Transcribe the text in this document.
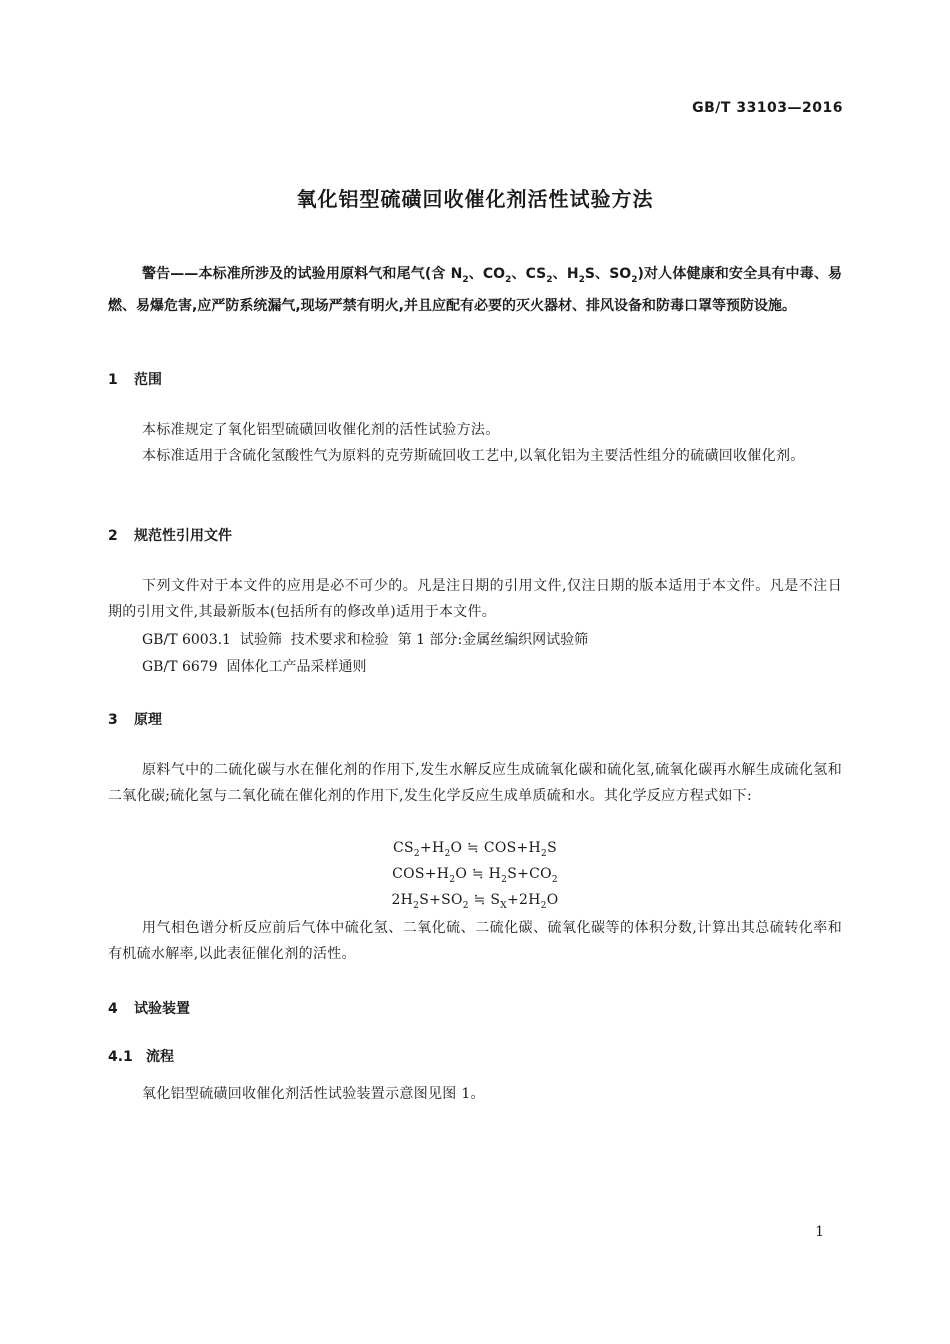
GB/T 33103—2016
氧化铝型硫磺回收催化剂活性试验方法
警告——本标准所涉及的试验用原料气和尾气(含 $N_2$、$CO_2$、$CS_2$、$H_2S$、$SO_2$)对人体健康和安全具有中毒、易燃、易爆危害,应严防系统漏气,现场严禁有明火,并且应配有必要的灭火器材、排风设备和防毒口罩等预防设施。
1 范围
本标准规定了氧化铝型硫磺回收催化剂的活性试验方法。
本标准适用于含硫化氢酸性气为原料的克劳斯硫回收工艺中,以氧化铝为主要活性组分的硫磺回收催化剂。
2 规范性引用文件
下列文件对于本文件的应用是必不可少的。凡是注日期的引用文件,仅注日期的版本适用于本文件。凡是不注日期的引用文件,其最新版本(包括所有的修改单)适用于本文件。
GB/T 6003.1  试验筛  技术要求和检验  第 1 部分:金属丝编织网试验筛
GB/T 6679  固体化工产品采样通则
3 原理
原料气中的二硫化碳与水在催化剂的作用下,发生水解反应生成硫氧化碳和硫化氢,硫氧化碳再水解生成硫化氢和二氧化碳;硫化氢与二氧化硫在催化剂的作用下,发生化学反应生成单质硫和水。其化学反应方程式如下:
$CS_2+H_2O$ ≒ $COS+H_2S$
$COS+H_2O$ ≒ $H_2S+CO_2$
$2H_2S+SO_2$ ≒ $S_X+2H_2O$
用气相色谱分析反应前后气体中硫化氢、二氧化硫、二硫化碳、硫氧化碳等的体积分数,计算出其总硫转化率和有机硫水解率,以此表征催化剂的活性。
4 试验装置
4.1 流程
氧化铝型硫磺回收催化剂活性试验装置示意图见图 1。
1
